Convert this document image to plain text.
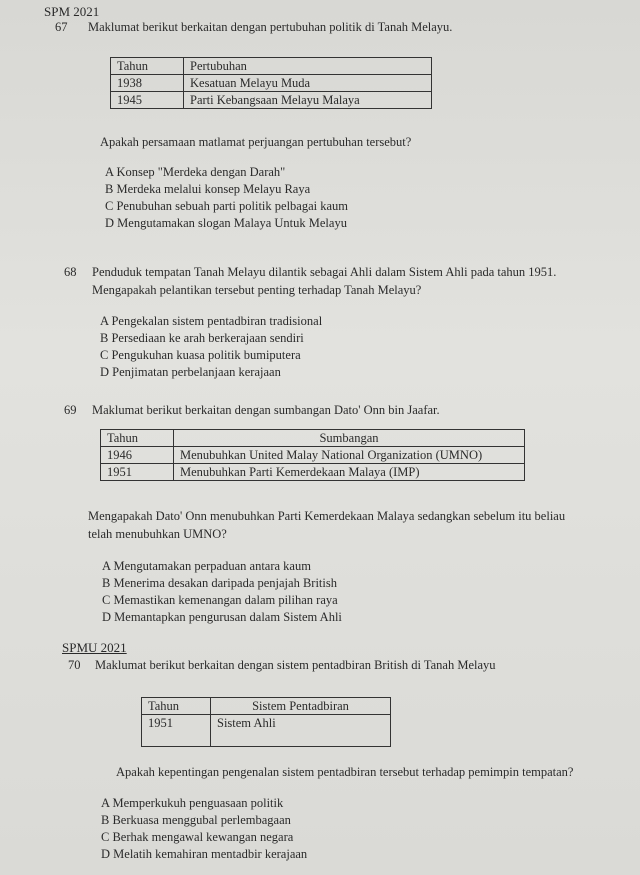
SPM 2021
67 Maklumat berikut berkaitan dengan pertubuhan politik di Tanah Melayu.
Tahun	Pertubuhan
1938	Kesatuan Melayu Muda
1945	Parti Kebangsaan Melayu Malaya
Apakah persamaan matlamat perjuangan pertubuhan tersebut?
A Konsep "Merdeka dengan Darah"
B Merdeka melalui konsep Melayu Raya
C Penubuhan sebuah parti politik pelbagai kaum
D Mengutamakan slogan Malaya Untuk Melayu
68 Penduduk tempatan Tanah Melayu dilantik sebagai Ahli dalam Sistem Ahli pada tahun 1951.
Mengapakah pelantikan tersebut penting terhadap Tanah Melayu?
A Pengekalan sistem pentadbiran tradisional
B Persediaan ke arah berkerajaan sendiri
C Pengukuhan kuasa politik bumiputera
D Penjimatan perbelanjaan kerajaan
69 Maklumat berikut berkaitan dengan sumbangan Dato' Onn bin Jaafar.
Tahun	Sumbangan
1946	Menubuhkan United Malay National Organization (UMNO)
1951	Menubuhkan Parti Kemerdekaan Malaya (IMP)
Mengapakah Dato' Onn menubuhkan Parti Kemerdekaan Malaya sedangkan sebelum itu beliau
telah menubuhkan UMNO?
A Mengutamakan perpaduan antara kaum
B Menerima desakan daripada penjajah British
C Memastikan kemenangan dalam pilihan raya
D Memantapkan pengurusan dalam Sistem Ahli
SPMU 2021
70 Maklumat berikut berkaitan dengan sistem pentadbiran British di Tanah Melayu
Tahun	Sistem Pentadbiran
1951	Sistem Ahli
Apakah kepentingan pengenalan sistem pentadbiran tersebut terhadap pemimpin tempatan?
A Memperkukuh penguasaan politik
B Berkuasa menggubal perlembagaan
C Berhak mengawal kewangan negara
D Melatih kemahiran mentadbir kerajaan
